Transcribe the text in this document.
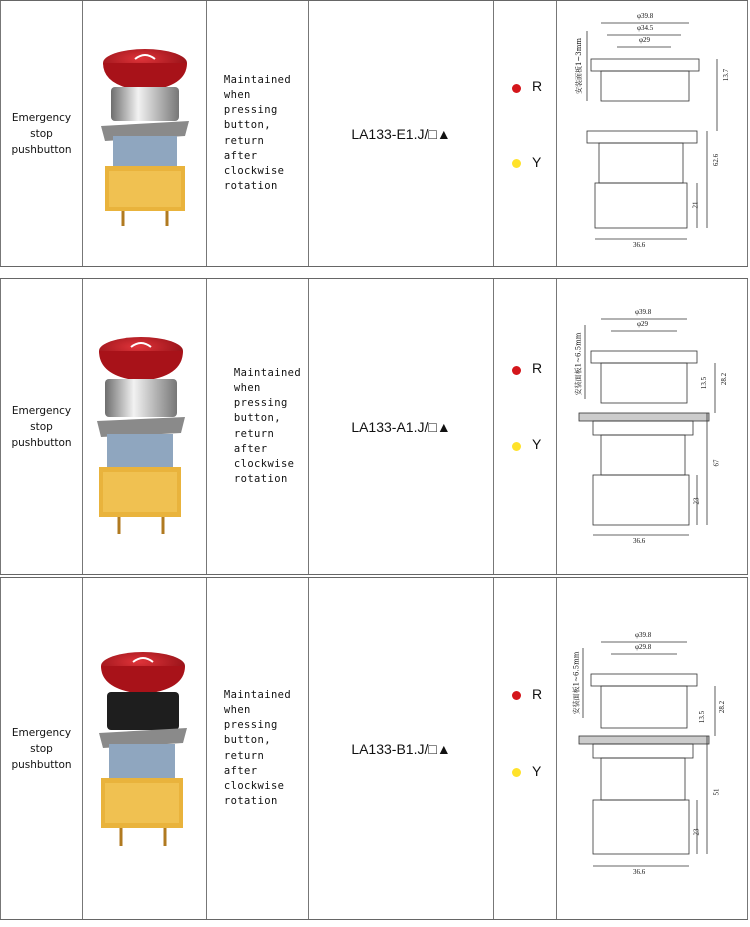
Emergency
stop
pushbutton
Maintained
when
pressing
button,
return
after
clockwise
rotation
LA133-E1.J/□▲
R
Y
φ39.8
φ34.5
φ29
安装面板1~3mm	13.7
62.6
21
36.6
Emergency
stop
pushbutton
Maintained
when
pressing
button,
return
after
clockwise
rotation
LA133-A1.J/□▲
R
Y
φ39.8
φ29
安装面板1~6.5mm	13.5 28.2
67
23
36.6
Emergency
stop
pushbutton
Maintained
when
pressing
button,
return
after
clockwise
rotation
LA133-B1.J/□▲
R
Y
φ39.8
φ29.8
安装面板1~6.5mm
13.5
28.2
51
23
36.6
